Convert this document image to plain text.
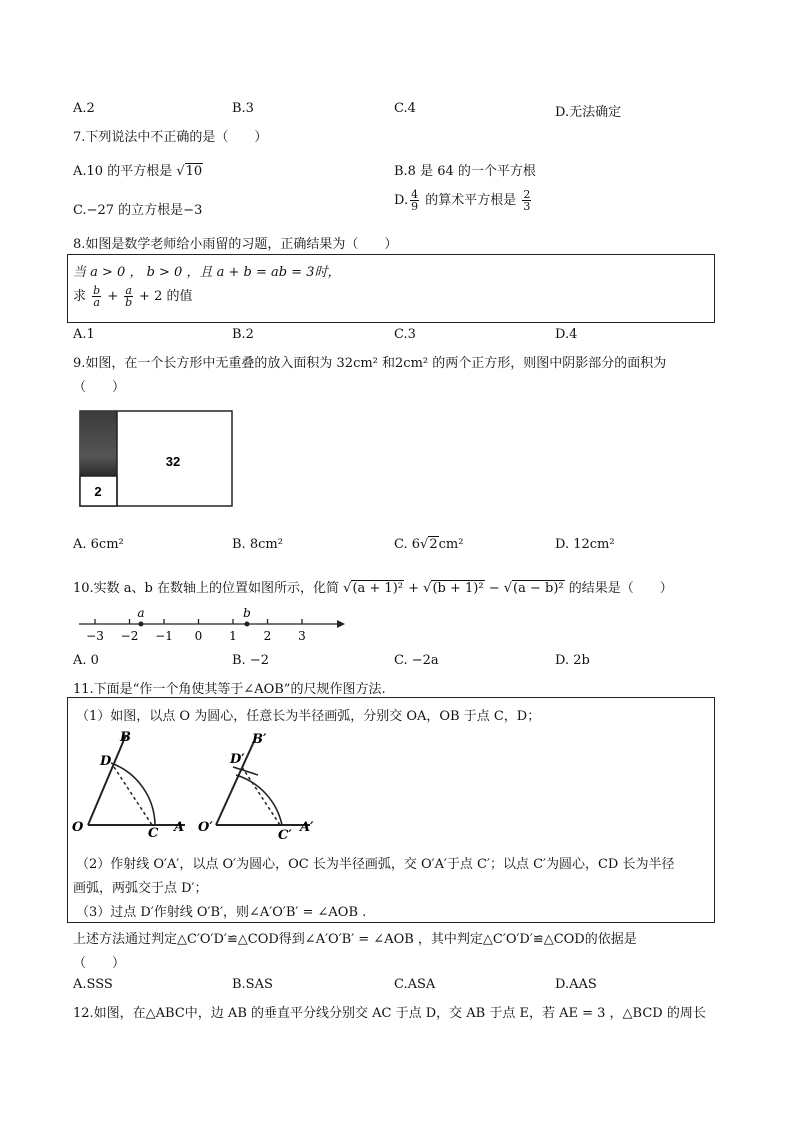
A.2	B.3	C.4	D.无法确定
7.下列说法中不正确的是（　　）
A.10 的平方根是 √10	B.8 是 64 的一个平方根
C.−27 的立方根是−3
D. $\frac{4}{9}$ 的算术平方根是 $\frac{2}{3}$
8.如图是数学老师给小雨留的习题，正确结果为（　　）
当 a > 0 ， b > 0 ，且 a + b = ab = 3时，
求 $\frac{b}{a} + \frac{a}{b} + 2$ 的值
A.1	B.2	C.3	D.4
9.如图，在一个长方形中无重叠的放入面积为 32cm² 和2cm² 的两个正方形，则图中阴影部分的面积为
（　　）
32
2
A. 6cm²	B. 8cm²	C. 6√2cm²	D. 12cm²
10.实数 a、b 在数轴上的位置如图所示，化简 √(a + 1)² + √(b + 1)² − √(a − b)² 的结果是（　　）
−3 −2 −1 0 1 2 3
a	b
A. 0	B. −2	C. −2a	D. 2b
11.下面是“作一个角使其等于∠AOB”的尺规作图方法.
（1）如图，以点 O 为圆心，任意长为半径画弧，分别交 OA，OB 于点 C，D；
B
D
O	C A
B′
D′
O′
C′
A′
（2）作射线 O′A′，以点 O′为圆心，OC 长为半径画弧，交 O′A′于点 C′；以点 C′为圆心，CD 长为半径
画弧，两弧交于点 D′；
（3）过点 D′作射线 O′B′，则∠A′O′B′ = ∠AOB .
上述方法通过判定△C′O′D′≌△COD得到∠A′O′B′ = ∠AOB ，其中判定△C′O′D′≌△COD的依据是
（　　）
A.SSS	B.SAS	C.ASA	D.AAS
12.如图，在△ABC中，边 AB 的垂直平分线分别交 AC 于点 D，交 AB 于点 E，若 AE = 3 ，△BCD 的周长
